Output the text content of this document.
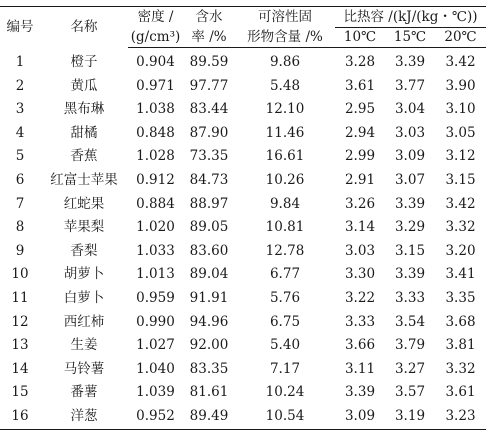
编号	名称	密度 /	含水	可溶性固	比热容 /(kJ/(kg・℃))		
		(g/cm³)	率 /%	形物含量 /%	10℃	15℃	20℃
1	橙子	0.904	89.59	9.86	3.28	3.39	3.42
2	黄瓜	0.971	97.77	5.48	3.61	3.77	3.90
3	黑布琳	1.038	83.44	12.10	2.95	3.04	3.10
4	甜橘	0.848	87.90	11.46	2.94	3.03	3.05
5	香蕉	1.028	73.35	16.61	2.99	3.09	3.12
6	红富士苹果	0.912	84.73	10.26	2.91	3.07	3.15
7	红蛇果	0.884	88.97	9.84	3.26	3.39	3.42
8	苹果梨	1.020	89.05	10.81	3.14	3.29	3.32
9	香梨	1.033	83.60	12.78	3.03	3.15	3.20
10	胡萝卜	1.013	89.04	6.77	3.30	3.39	3.41
11	白萝卜	0.959	91.91	5.76	3.22	3.33	3.35
12	西红柿	0.990	94.96	6.75	3.33	3.54	3.68
13	生姜	1.027	92.00	5.40	3.66	3.79	3.81
14	马铃薯	1.040	83.35	7.17	3.11	3.27	3.32
15	番薯	1.039	81.61	10.24	3.39	3.57	3.61
16	洋葱	0.952	89.49	10.54	3.09	3.19	3.23
